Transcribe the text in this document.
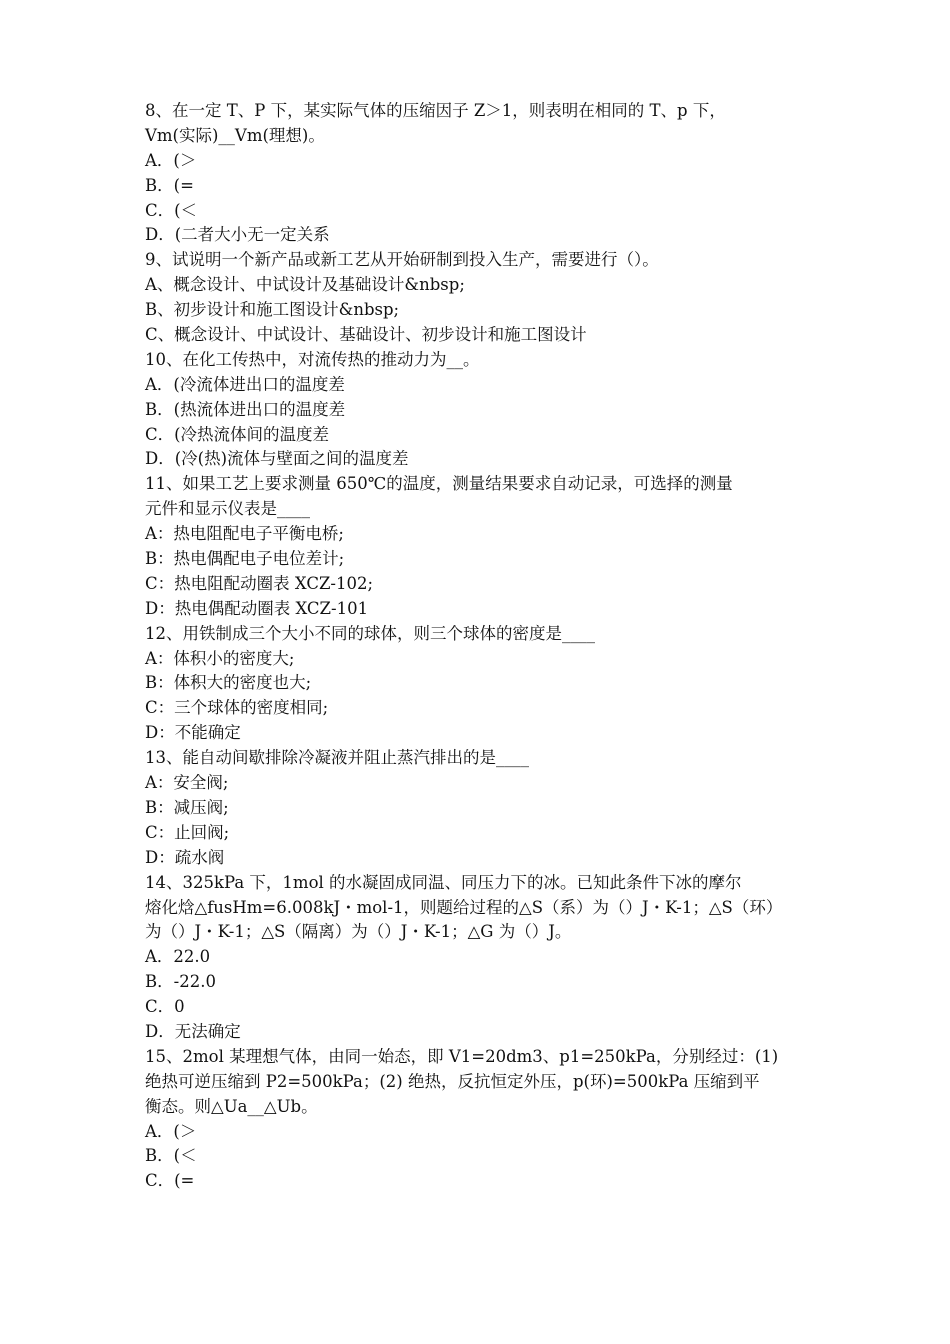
8、在一定 T、P 下，某实际气体的压缩因子 Z＞1，则表明在相同的 T、p 下，
Vm(实际)__Vm(理想)。
A．(＞
B．(=
C．(＜
D．(二者大小无一定关系
9、试说明一个新产品或新工艺从开始研制到投入生产，需要进行（）。
A、概念设计、中试设计及基础设计&nbsp;
B、初步设计和施工图设计&nbsp;
C、概念设计、中试设计、基础设计、初步设计和施工图设计
10、在化工传热中，对流传热的推动力为__。
A．(冷流体进出口的温度差
B．(热流体进出口的温度差
C．(冷热流体间的温度差
D．(冷(热)流体与壁面之间的温度差
11、如果工艺上要求测量 650℃的温度，测量结果要求自动记录，可选择的测量
元件和显示仪表是____
A：热电阻配电子平衡电桥;
B：热电偶配电子电位差计;
C：热电阻配动圈表 XCZ-102;
D：热电偶配动圈表 XCZ-101
12、用铁制成三个大小不同的球体，则三个球体的密度是____
A：体积小的密度大;
B：体积大的密度也大;
C：三个球体的密度相同;
D：不能确定
13、能自动间歇排除冷凝液并阻止蒸汽排出的是____
A：安全阀;
B：减压阀;
C：止回阀;
D：疏水阀
14、325kPa 下，1mol 的水凝固成同温、同压力下的冰。已知此条件下冰的摩尔
熔化焓△fusHm=6.008kJ・mol-1，则题给过程的△S（系）为（）J・K-1；△S（环）
为（）J・K-1；△S（隔离）为（）J・K-1；△G 为（）J。
A．22.0
B．-22.0
C．0
D．无法确定
15、2mol 某理想气体，由同一始态，即 V1=20dm3、p1=250kPa，分别经过：(1)
绝热可逆压缩到 P2=500kPa；(2) 绝热，反抗恒定外压，p(环)=500kPa 压缩到平
衡态。则△Ua__△Ub。
A．(＞
B．(＜
C．(=
